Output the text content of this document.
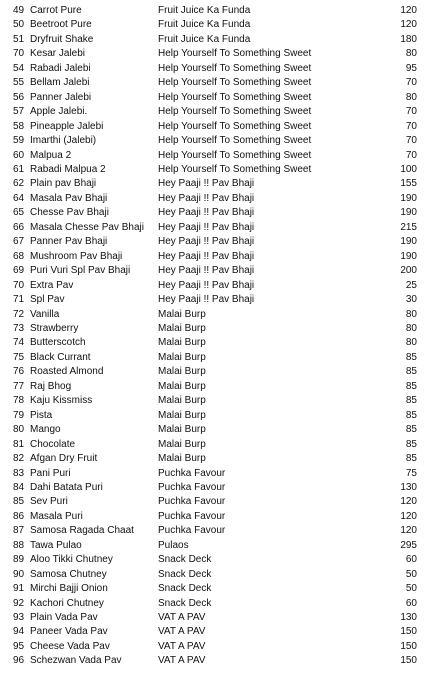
49 Carrot Pure	Fruit Juice Ka Funda	120
50 Beetroot Pure	Fruit Juice Ka Funda	120
51 Dryfruit Shake	Fruit Juice Ka Funda	180
70 Kesar Jalebi	Help Yourself To Something Sweet	80
54 Rabadi Jalebi	Help Yourself To Something Sweet	95
55 Bellam Jalebi	Help Yourself To Something Sweet	70
56 Panner Jalebi	Help Yourself To Something Sweet	80
57 Apple Jalebi.	Help Yourself To Something Sweet	70
58 Pineapple Jalebi	Help Yourself To Something Sweet	70
59 Imarthi (Jalebi)	Help Yourself To Something Sweet	70
60 Malpua 2	Help Yourself To Something Sweet	70
61 Rabadi Malpua 2	Help Yourself To Something Sweet	100
62 Plain pav Bhaji	Hey Paaji !! Pav Bhaji	155
64 Masala Pav Bhaji	Hey Paaji !! Pav Bhaji	190
65 Chesse Pav Bhaji	Hey Paaji !! Pav Bhaji	190
66 Masala Chesse Pav Bhaji	Hey Paaji !! Pav Bhaji	215
67 Panner Pav Bhaji	Hey Paaji !! Pav Bhaji	190
68 Mushroom Pav Bhaji	Hey Paaji !! Pav Bhaji	190
69 Puri Vuri Spl Pav Bhaji	Hey Paaji !! Pav Bhaji	200
70 Extra Pav	Hey Paaji !! Pav Bhaji	25
71 Spl Pav	Hey Paaji !! Pav Bhaji	30
72 Vanilla	Malai Burp	80
73 Strawberry	Malai Burp	80
74 Butterscotch	Malai Burp	80
75 Black Currant	Malai Burp	85
76 Roasted Almond	Malai Burp	85
77 Raj Bhog	Malai Burp	85
78 Kaju Kissmiss	Malai Burp	85
79 Pista	Malai Burp	85
80 Mango	Malai Burp	85
81 Chocolate	Malai Burp	85
82 Afgan Dry Fruit	Malai Burp	85
83 Pani Puri	Puchka Favour	75
84 Dahi Batata Puri	Puchka Favour	130
85 Sev Puri	Puchka Favour	120
86 Masala Puri	Puchka Favour	120
87 Samosa Ragada Chaat	Puchka Favour	120
88 Tawa Pulao	Pulaos	295
89 Aloo Tikki Chutney	Snack Deck	60
90 Samosa Chutney	Snack Deck	50
91 Mirchi Bajji Onion	Snack Deck	50
92 Kachori Chutney	Snack Deck	60
93 Plain Vada Pav	VAT A PAV	130
94 Paneer Vada Pav	VAT A PAV	150
95 Cheese Vada Pav	VAT A PAV	150
96 Schezwan Vada Pav	VAT A PAV	150
